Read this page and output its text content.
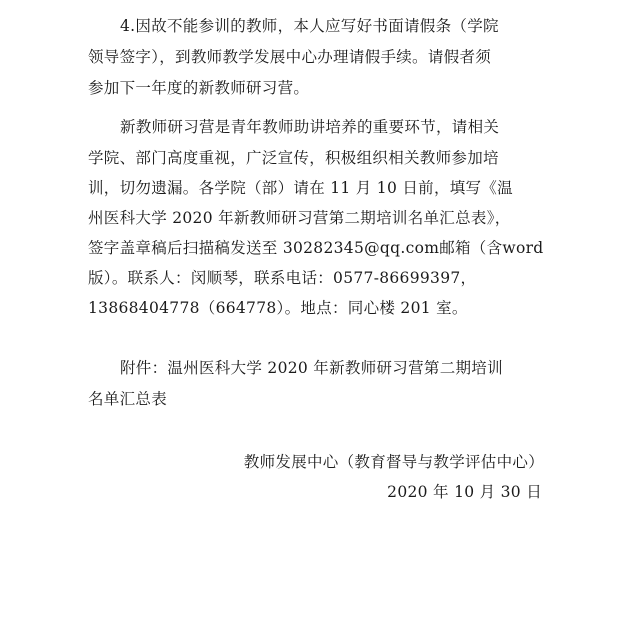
4.因故不能参训的教师，本人应写好书面请假条（学院
领导签字），到教师教学发展中心办理请假手续。请假者须
参加下一年度的新教师研习营。
新教师研习营是青年教师助讲培养的重要环节，请相关
学院、部门高度重视，广泛宣传，积极组织相关教师参加培
训，切勿遗漏。各学院（部）请在 11 月 10 日前，填写《温
州医科大学 2020 年新教师研习营第二期培训名单汇总表》，
签字盖章稿后扫描稿发送至 30282345@qq.com邮箱（含word
版）。联系人：闵顺琴，联系电话：0577-86699397，
13868404778（664778）。地点：同心楼 201 室。
附件：温州医科大学 2020 年新教师研习营第二期培训
名单汇总表
教师发展中心（教育督导与教学评估中心）
2020 年 10 月 30 日
